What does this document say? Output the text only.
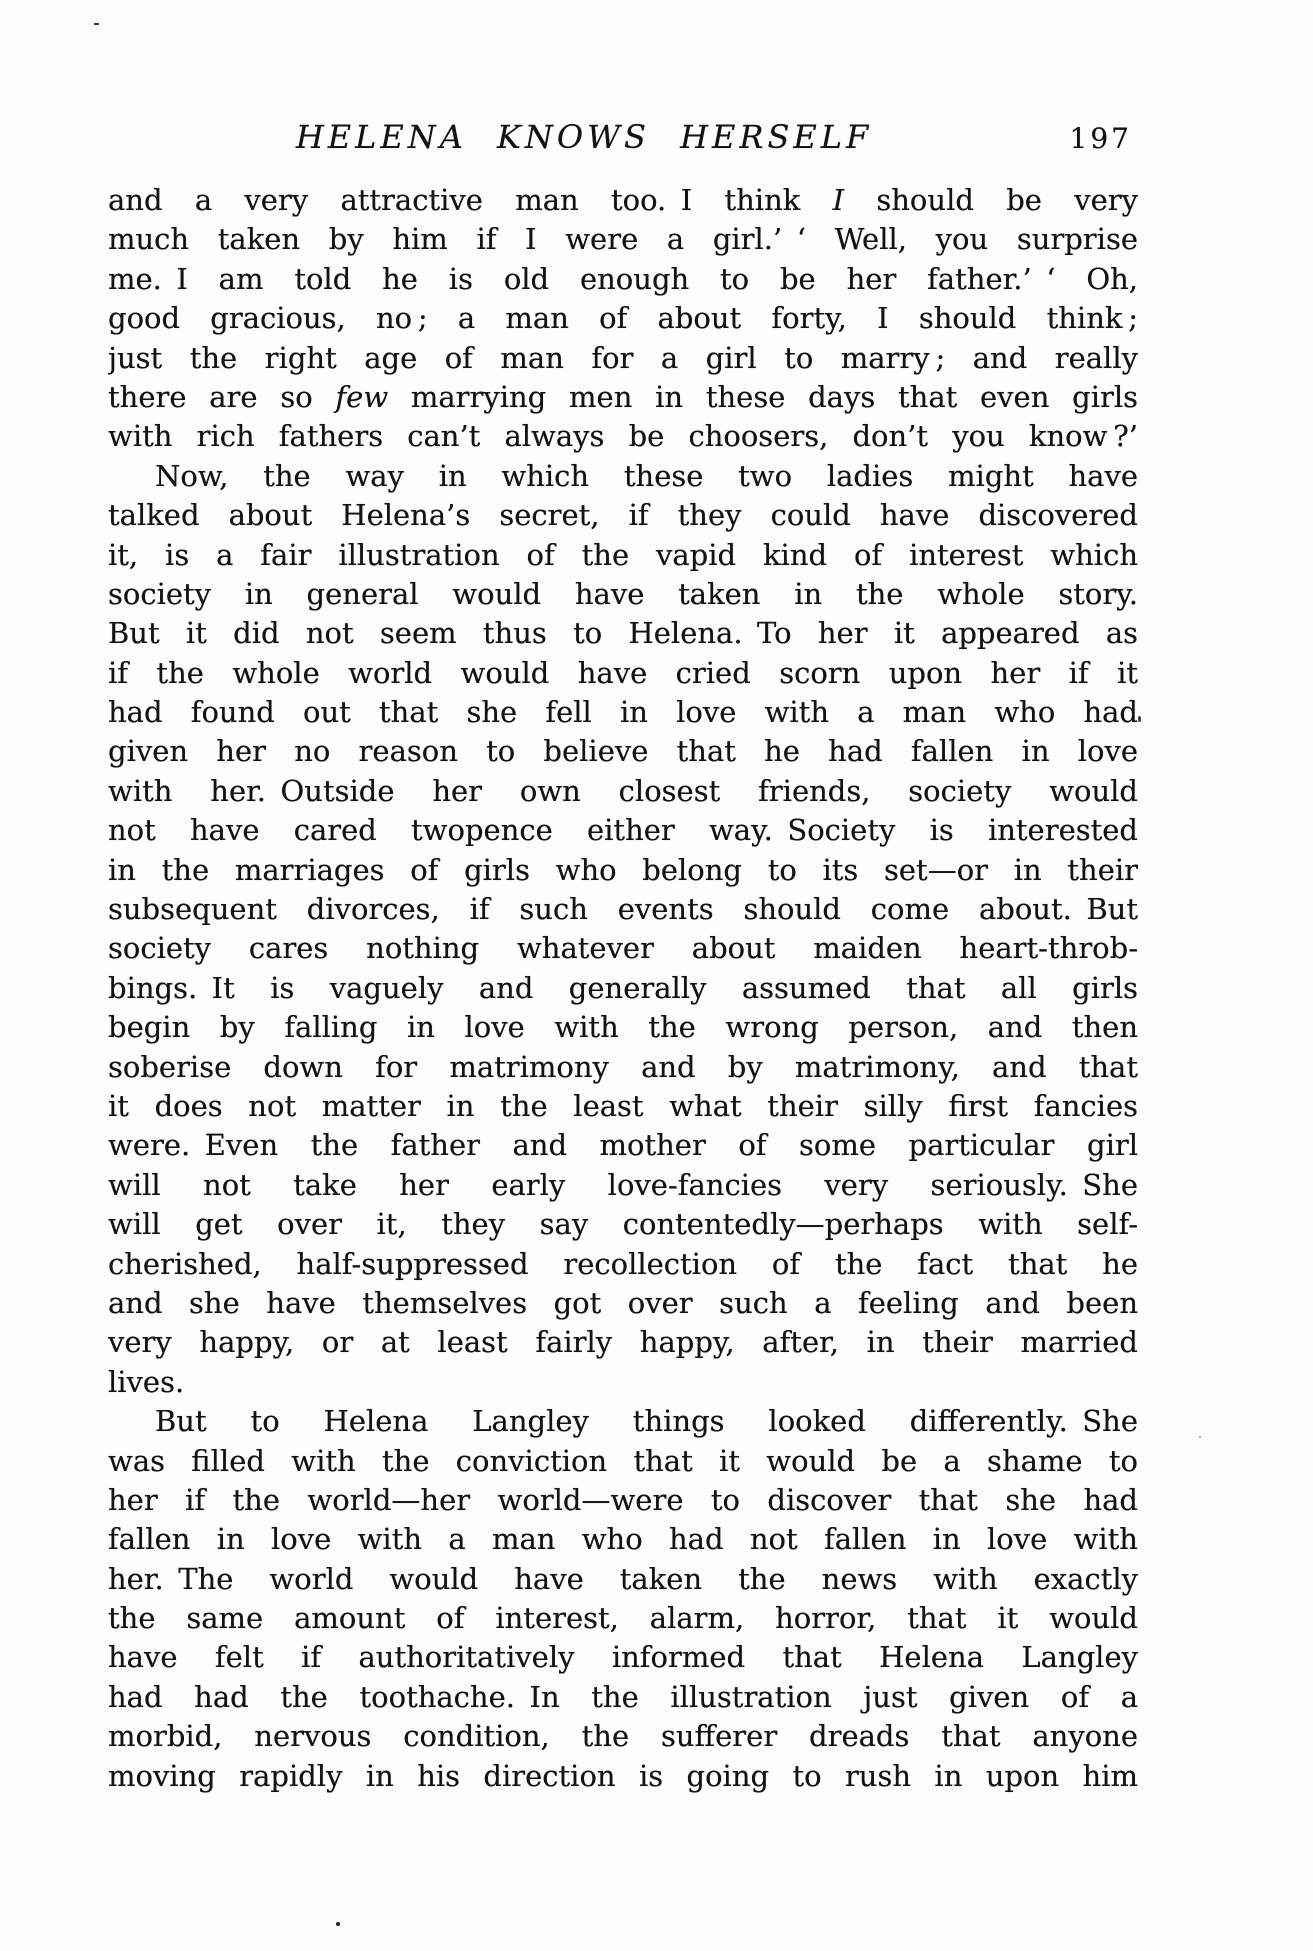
HELENA KNOWS HERSELF	197
and a very attractive man too. I think I should be very
much taken by him if I were a girl.’ ‘ Well, you surprise
me. I am told he is old enough to be her father.’ ‘ Oh,
good gracious, no ; a man of about forty, I should think ;
just the right age of man for a girl to marry ; and really
there are so few marrying men in these days that even girls
with rich fathers can’t always be choosers, don’t you know ?’
Now, the way in which these two ladies might have
talked about Helena’s secret, if they could have discovered
it, is a fair illustration of the vapid kind of interest which
society in general would have taken in the whole story.
But it did not seem thus to Helena. To her it appeared as
if the whole world would have cried scorn upon her if it
had found out that she fell in love with a man who had
given her no reason to believe that he had fallen in love
with her. Outside her own closest friends, society would
not have cared twopence either way. Society is interested
in the marriages of girls who belong to its set—or in their
subsequent divorces, if such events should come about. But
society cares nothing whatever about maiden heart-throb-
bings. It is vaguely and generally assumed that all girls
begin by falling in love with the wrong person, and then
soberise down for matrimony and by matrimony, and that
it does not matter in the least what their silly first fancies
were. Even the father and mother of some particular girl
will not take her early love-fancies very seriously. She
will get over it, they say contentedly—perhaps with self-
cherished, half-suppressed recollection of the fact that he
and she have themselves got over such a feeling and been
very happy, or at least fairly happy, after, in their married
lives.
But to Helena Langley things looked differently. She
was filled with the conviction that it would be a shame to
her if the world—her world—were to discover that she had
fallen in love with a man who had not fallen in love with
her. The world would have taken the news with exactly
the same amount of interest, alarm, horror, that it would
have felt if authoritatively informed that Helena Langley
had had the toothache. In the illustration just given of a
morbid, nervous condition, the sufferer dreads that anyone
moving rapidly in his direction is going to rush in upon him
